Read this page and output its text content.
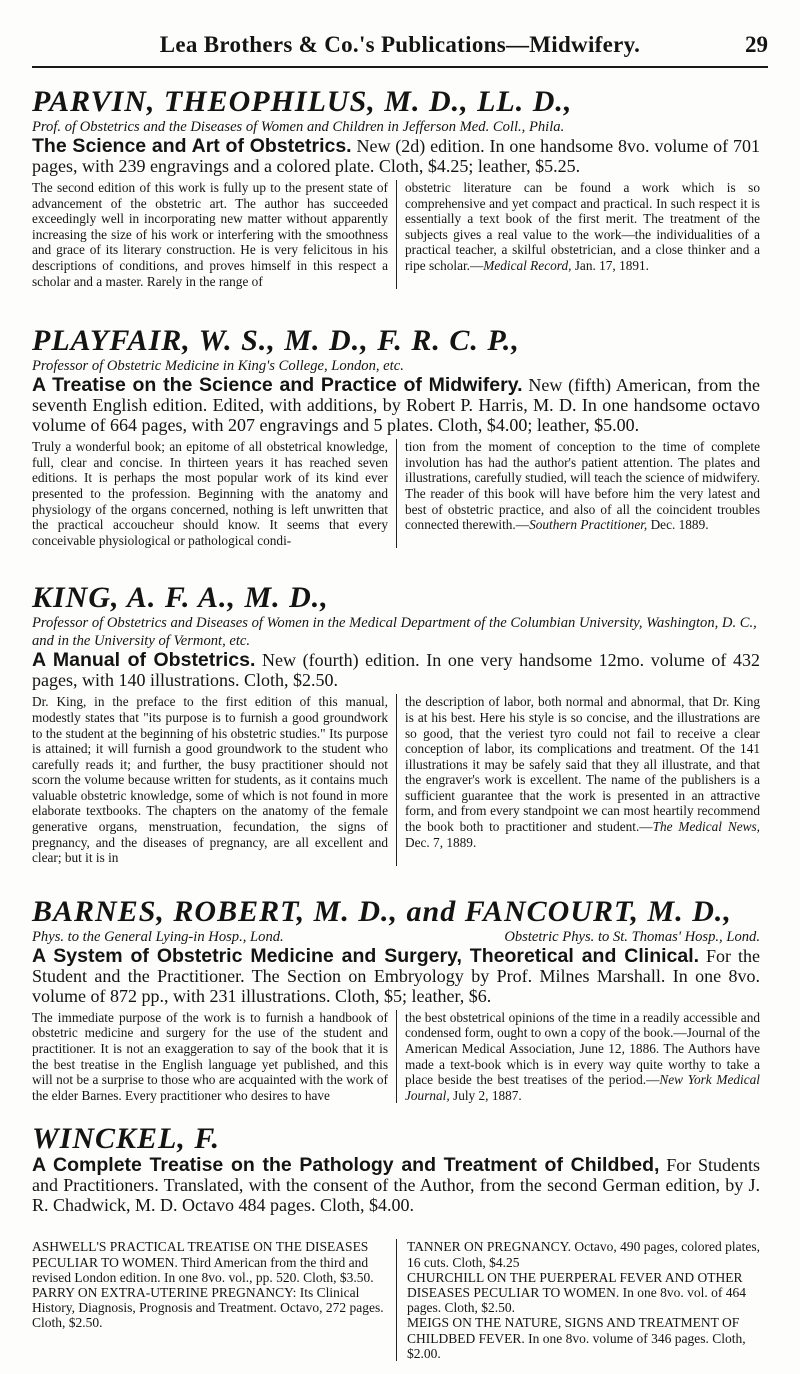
Lea Brothers & Co.'s Publications—Midwifery.	29

PARVIN, THEOPHILUS, M. D., LL. D.,

Prof. of Obstetrics and the Diseases of Women and Children in Jefferson Med. Coll., Phila.

The Science and Art of Obstetrics. New (2d) edition. In one handsome 8vo. volume of 701 pages, with 239 engravings and a colored plate. Cloth, $4.25; leather, $5.25.

The second edition of this work is fully up to the present state of advancement of the obstetric art. The author has succeeded exceedingly well in incorporating new matter without apparently increasing the size of his work or interfering with the smoothness and grace of its literary construction. He is very felicitous in his descriptions of conditions, and proves himself in this respect a scholar and a master. Rarely in the range of
obstetric literature can be found a work which is so comprehensive and yet compact and practical. In such respect it is essentially a text book of the first merit. The treatment of the subjects gives a real value to the work—the individualities of a practical teacher, a skilful obstetrician, and a close thinker and a ripe scholar.—Medical Record, Jan. 17, 1891.

PLAYFAIR, W. S., M. D., F. R. C. P.,

Professor of Obstetric Medicine in King's College, London, etc.

A Treatise on the Science and Practice of Midwifery. New (fifth) American, from the seventh English edition. Edited, with additions, by Robert P. Harris, M. D. In one handsome octavo volume of 664 pages, with 207 engravings and 5 plates. Cloth, $4.00; leather, $5.00.

Truly a wonderful book; an epitome of all obstetrical knowledge, full, clear and concise. In thirteen years it has reached seven editions. It is perhaps the most popular work of its kind ever presented to the profession. Beginning with the anatomy and physiology of the organs concerned, nothing is left unwritten that the practical accoucheur should know. It seems that every conceivable physiological or pathological condi-
tion from the moment of conception to the time of complete involution has had the author's patient attention. The plates and illustrations, carefully studied, will teach the science of midwifery. The reader of this book will have before him the very latest and best of obstetric practice, and also of all the coincident troubles connected therewith.—Southern Practitioner, Dec. 1889.

KING, A. F. A., M. D.,

Professor of Obstetrics and Diseases of Women in the Medical Department of the Columbian University, Washington, D. C., and in the University of Vermont, etc.

A Manual of Obstetrics. New (fourth) edition. In one very handsome 12mo. volume of 432 pages, with 140 illustrations. Cloth, $2.50.

Dr. King, in the preface to the first edition of this manual, modestly states that "its purpose is to furnish a good groundwork to the student at the beginning of his obstetric studies." Its purpose is attained; it will furnish a good groundwork to the student who carefully reads it; and further, the busy practitioner should not scorn the volume because written for students, as it contains much valuable obstetric knowledge, some of which is not found in more elaborate textbooks. The chapters on the anatomy of the female generative organs, menstruation, fecundation, the signs of pregnancy, and the diseases of pregnancy, are all excellent and clear; but it is in
the description of labor, both normal and abnormal, that Dr. King is at his best. Here his style is so concise, and the illustrations are so good, that the veriest tyro could not fail to receive a clear conception of labor, its complications and treatment. Of the 141 illustrations it may be safely said that they all illustrate, and that the engraver's work is excellent. The name of the publishers is a sufficient guarantee that the work is presented in an attractive form, and from every standpoint we can most heartily recommend the book both to practitioner and student.—The Medical News, Dec. 7, 1889.

BARNES, ROBERT, M. D., and FANCOURT, M. D.,

Phys. to the General Lying-in Hosp., Lond.	Obstetric Phys. to St. Thomas' Hosp., Lond.

A System of Obstetric Medicine and Surgery, Theoretical and Clinical. For the Student and the Practitioner. The Section on Embryology by Prof. Milnes Marshall. In one 8vo. volume of 872 pp., with 231 illustrations. Cloth, $5; leather, $6.

The immediate purpose of the work is to furnish a handbook of obstetric medicine and surgery for the use of the student and practitioner. It is not an exaggeration to say of the book that it is the best treatise in the English language yet published, and this will not be a surprise to those who are acquainted with the work of the elder Barnes. Every practitioner who desires to have
the best obstetrical opinions of the time in a readily accessible and condensed form, ought to own a copy of the book.—Journal of the American Medical Association, June 12, 1886. The Authors have made a text-book which is in every way quite worthy to take a place beside the best treatises of the period.—New York Medical Journal, July 2, 1887.

WINCKEL, F.

A Complete Treatise on the Pathology and Treatment of Childbed, For Students and Practitioners. Translated, with the consent of the Author, from the second German edition, by J. R. Chadwick, M. D. Octavo 484 pages. Cloth, $4.00.

ASHWELL'S PRACTICAL TREATISE ON THE DISEASES PECULIAR TO WOMEN. Third American from the third and revised London edition. In one 8vo. vol., pp. 520. Cloth, $3.50.

PARRY ON EXTRA-UTERINE PREGNANCY: Its Clinical History, Diagnosis, Prognosis and Treatment. Octavo, 272 pages. Cloth, $2.50.

TANNER ON PREGNANCY. Octavo, 490 pages, colored plates, 16 cuts. Cloth, $4.25

CHURCHILL ON THE PUERPERAL FEVER AND OTHER DISEASES PECULIAR TO WOMEN. In one 8vo. vol. of 464 pages. Cloth, $2.50.

MEIGS ON THE NATURE, SIGNS AND TREATMENT OF CHILDBED FEVER. In one 8vo. volume of 346 pages. Cloth, $2.00.
